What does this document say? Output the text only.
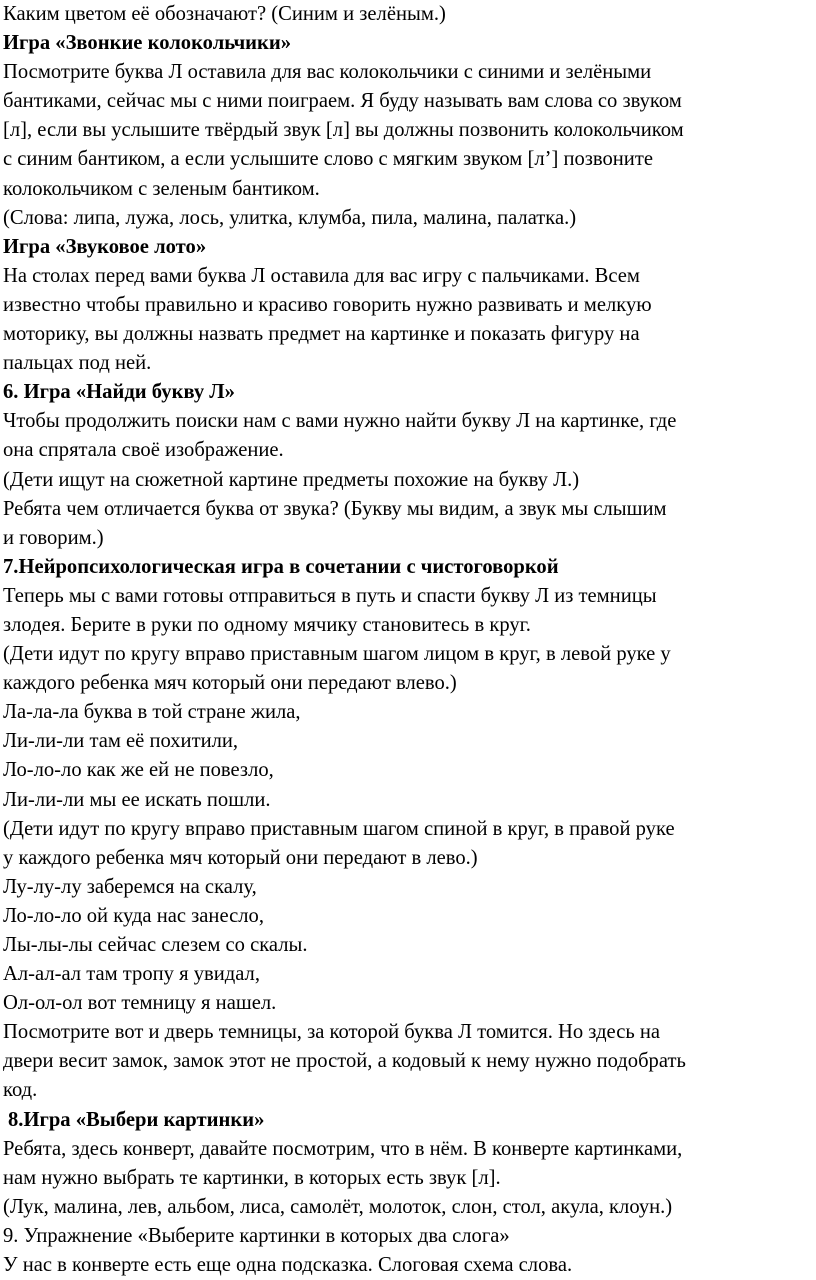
Каким цветом её обозначают? (Синим и зелёным.)

Игра «Звонкие колокольчики»

Посмотрите буква Л оставила для вас колокольчики с синими и зелёными

бантиками, сейчас мы с ними поиграем. Я буду называть вам слова со звуком

[л], если вы услышите твёрдый звук [л] вы должны позвонить колокольчиком

с синим бантиком, а если услышите слово с мягким звуком [л’] позвоните

колокольчиком с зеленым бантиком.

(Слова: липа, лужа, лось, улитка, клумба, пила, малина, палатка.)

Игра «Звуковое лото»

На столах перед вами буква Л оставила для вас игру с пальчиками. Всем

известно чтобы правильно и красиво говорить нужно развивать и мелкую

моторику, вы должны назвать предмет на картинке и показать фигуру на

пальцах под ней.

6. Игра «Найди букву Л»

Чтобы продолжить поиски нам с вами нужно найти букву Л на картинке, где

она спрятала своё изображение.

(Дети ищут на сюжетной картине предметы похожие на букву Л.)

Ребята чем отличается буква от звука? (Букву мы видим, а звук мы слышим

и говорим.)

7.Нейропсихологическая игра в сочетании с чистоговоркой

Теперь мы с вами готовы отправиться в путь и спасти букву Л из темницы

злодея. Берите в руки по одному мячику становитесь в круг.

(Дети идут по кругу вправо приставным шагом лицом в круг, в левой руке у

каждого ребенка мяч который они передают влево.)

Ла-ла-ла буква в той стране жила,

Ли-ли-ли там её похитили,

Ло-ло-ло как же ей не повезло,

Ли-ли-ли мы ее искать пошли.

(Дети идут по кругу вправо приставным шагом спиной в круг, в правой руке

у каждого ребенка мяч который они передают в лево.)

Лу-лу-лу заберемся на скалу,

Ло-ло-ло ой куда нас занесло,

Лы-лы-лы сейчас слезем со скалы.

Ал-ал-ал там тропу я увидал,

Ол-ол-ол вот темницу я нашел.

Посмотрите вот и дверь темницы, за которой буква Л томится. Но здесь на

двери весит замок, замок этот не простой, а кодовый к нему нужно подобрать

код.

8.Игра «Выбери картинки»

Ребята, здесь конверт, давайте посмотрим, что в нём. В конверте картинками,

нам нужно выбрать те картинки, в которых есть звук [л].

(Лук, малина, лев, альбом, лиса, самолёт, молоток, слон, стол, акула, клоун.)

9. Упражнение «Выберите картинки в которых два слога»

У нас в конверте есть еще одна подсказка. Слоговая схема слова.
